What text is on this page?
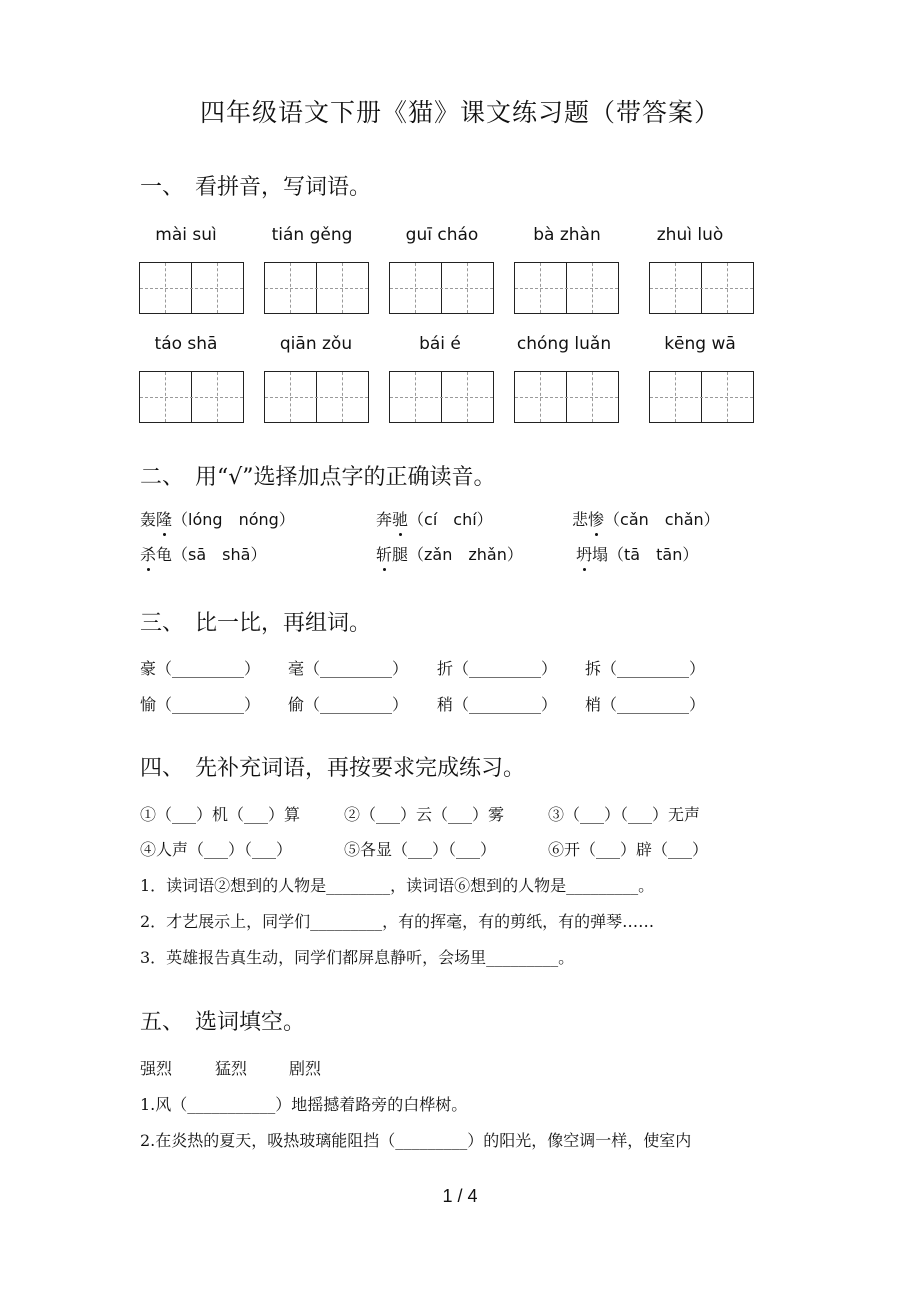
四年级语文下册《猫》课文练习题（带答案）
一、　看拼音，写词语。
mài suì	tián gěng	guī cháo	bà zhàn	zhuì luò
táo shā	qiān zǒu	bái é	chóng luǎn	kēng wā
二、　用“√”选择加点字的正确读音。
轰隆（lóng　nóng）	奔驰（cí　chí）	悲惨（cǎn　chǎn）
杀龟（sā　shā）	斩腿（zǎn　zhǎn）	坍塌（tā　tān）
三、　比一比，再组词。
豪（_________） 毫（_________） 折（_________） 拆（_________）
愉（_________） 偷（_________） 稍（_________） 梢（_________）
四、　先补充词语，再按要求完成练习。
①（___）机（___）算	②（___）云（___）雾	③（___）（___）无声
④人声（___）（___）	⑤各显（___）（___）	⑥开（___）辟（___）
1．读词语②想到的人物是________，读词语⑥想到的人物是_________。
2．才艺展示上，同学们_________，有的挥毫，有的剪纸，有的弹琴……
3．英雄报告真生动，同学们都屏息静听，会场里_________。
五、　选词填空。
强烈	猛烈	剧烈
1.风（___________）地摇撼着路旁的白桦树。
2.在炎热的夏天，吸热玻璃能阻挡（_________）的阳光，像空调一样，使室内
1 / 4
